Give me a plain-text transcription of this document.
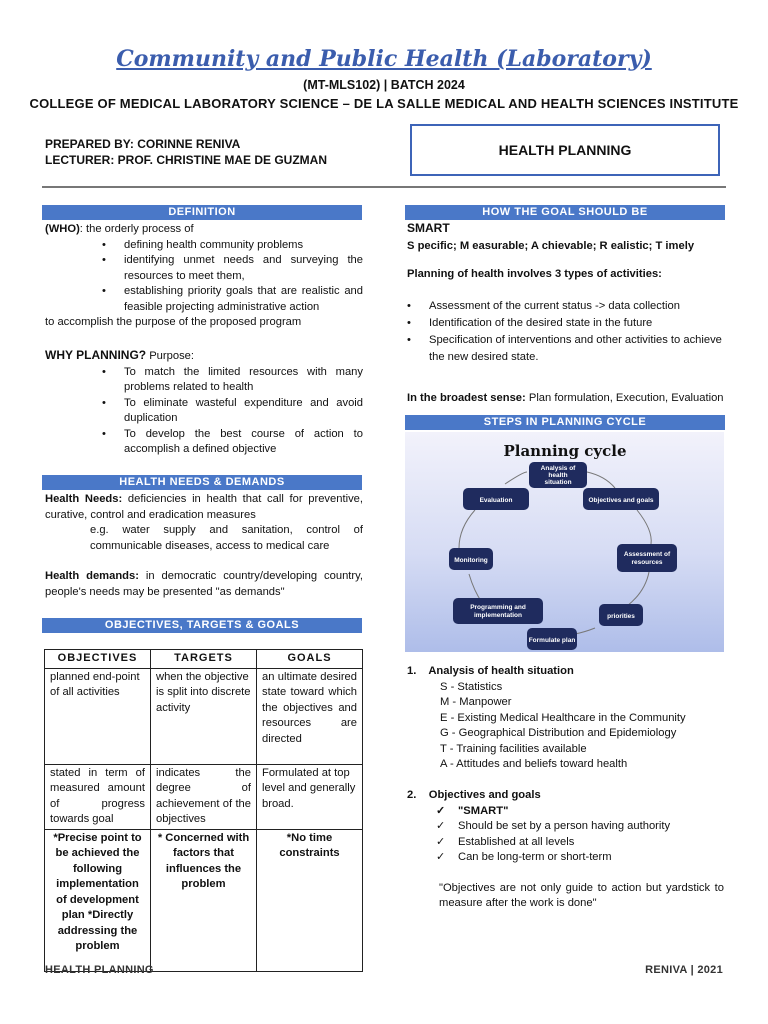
Community and Public Health (Laboratory)
(MT-MLS102) | BATCH 2024
COLLEGE OF MEDICAL LABORATORY SCIENCE – DE LA SALLE MEDICAL AND HEALTH SCIENCES INSTITUTE
PREPARED BY: CORINNE RENIVA
LECTURER: PROF. CHRISTINE MAE DE GUZMAN
HEALTH PLANNING
DEFINITION
(WHO): the orderly process of
• defining health community problems
• identifying unmet needs and surveying the resources to meet them,
• establishing priority goals that are realistic and feasible projecting administrative action
to accomplish the purpose of the proposed program
WHY PLANNING? Purpose:
• To match the limited resources with many problems related to health
• To eliminate wasteful expenditure and avoid duplication
• To develop the best course of action to accomplish a defined objective
HEALTH NEEDS & DEMANDS
Health Needs: deficiencies in health that call for preventive, curative, control and eradication measures
e.g. water supply and sanitation, control of communicable diseases, access to medical care
Health demands: in democratic country/developing country, people's needs may be presented "as demands"
OBJECTIVES, TARGETS & GOALS
OBJECTIVES	TARGETS	GOALS
planned end-point of all activities	when the objective is split into discrete activity	an ultimate desired state toward which the objectives and resources are directed
stated in term of measured amount of progress towards goal	indicates the degree of achievement of the objectives	Formulated at top level and generally broad.
*Precise point to be achieved the following implementation of development plan *Directly addressing the problem	* Concerned with factors that influences the problem	*No time constraints
HOW THE GOAL SHOULD BE
SMART
S pecific; M easurable; A chievable; R ealistic; T imely
Planning of health involves 3 types of activities:
• Assessment of the current status -> data collection
• Identification of the desired state in the future
• Specification of interventions and other activities to achieve the new desired state.
In the broadest sense: Plan formulation, Execution, Evaluation
STEPS IN PLANNING CYCLE
Planning cycle
Analysis of health situation
Objectives and goals
Assessment of resources
priorities
Formulate plan
Programming and implementation
Monitoring
Evaluation
1.    Analysis of health situation
S - Statistics
M - Manpower
E - Existing Medical Healthcare in the Community
G - Geographical Distribution and Epidemiology
T - Training facilities available
A - Attitudes and beliefs toward health
2.    Objectives and goals
✓ "SMART"
✓ Should be set by a person having authority
✓ Established at all levels
✓ Can be long-term or short-term
"Objectives are not only guide to action but yardstick to measure after the work is done"
HEALTH PLANNING	RENIVA | 2021
